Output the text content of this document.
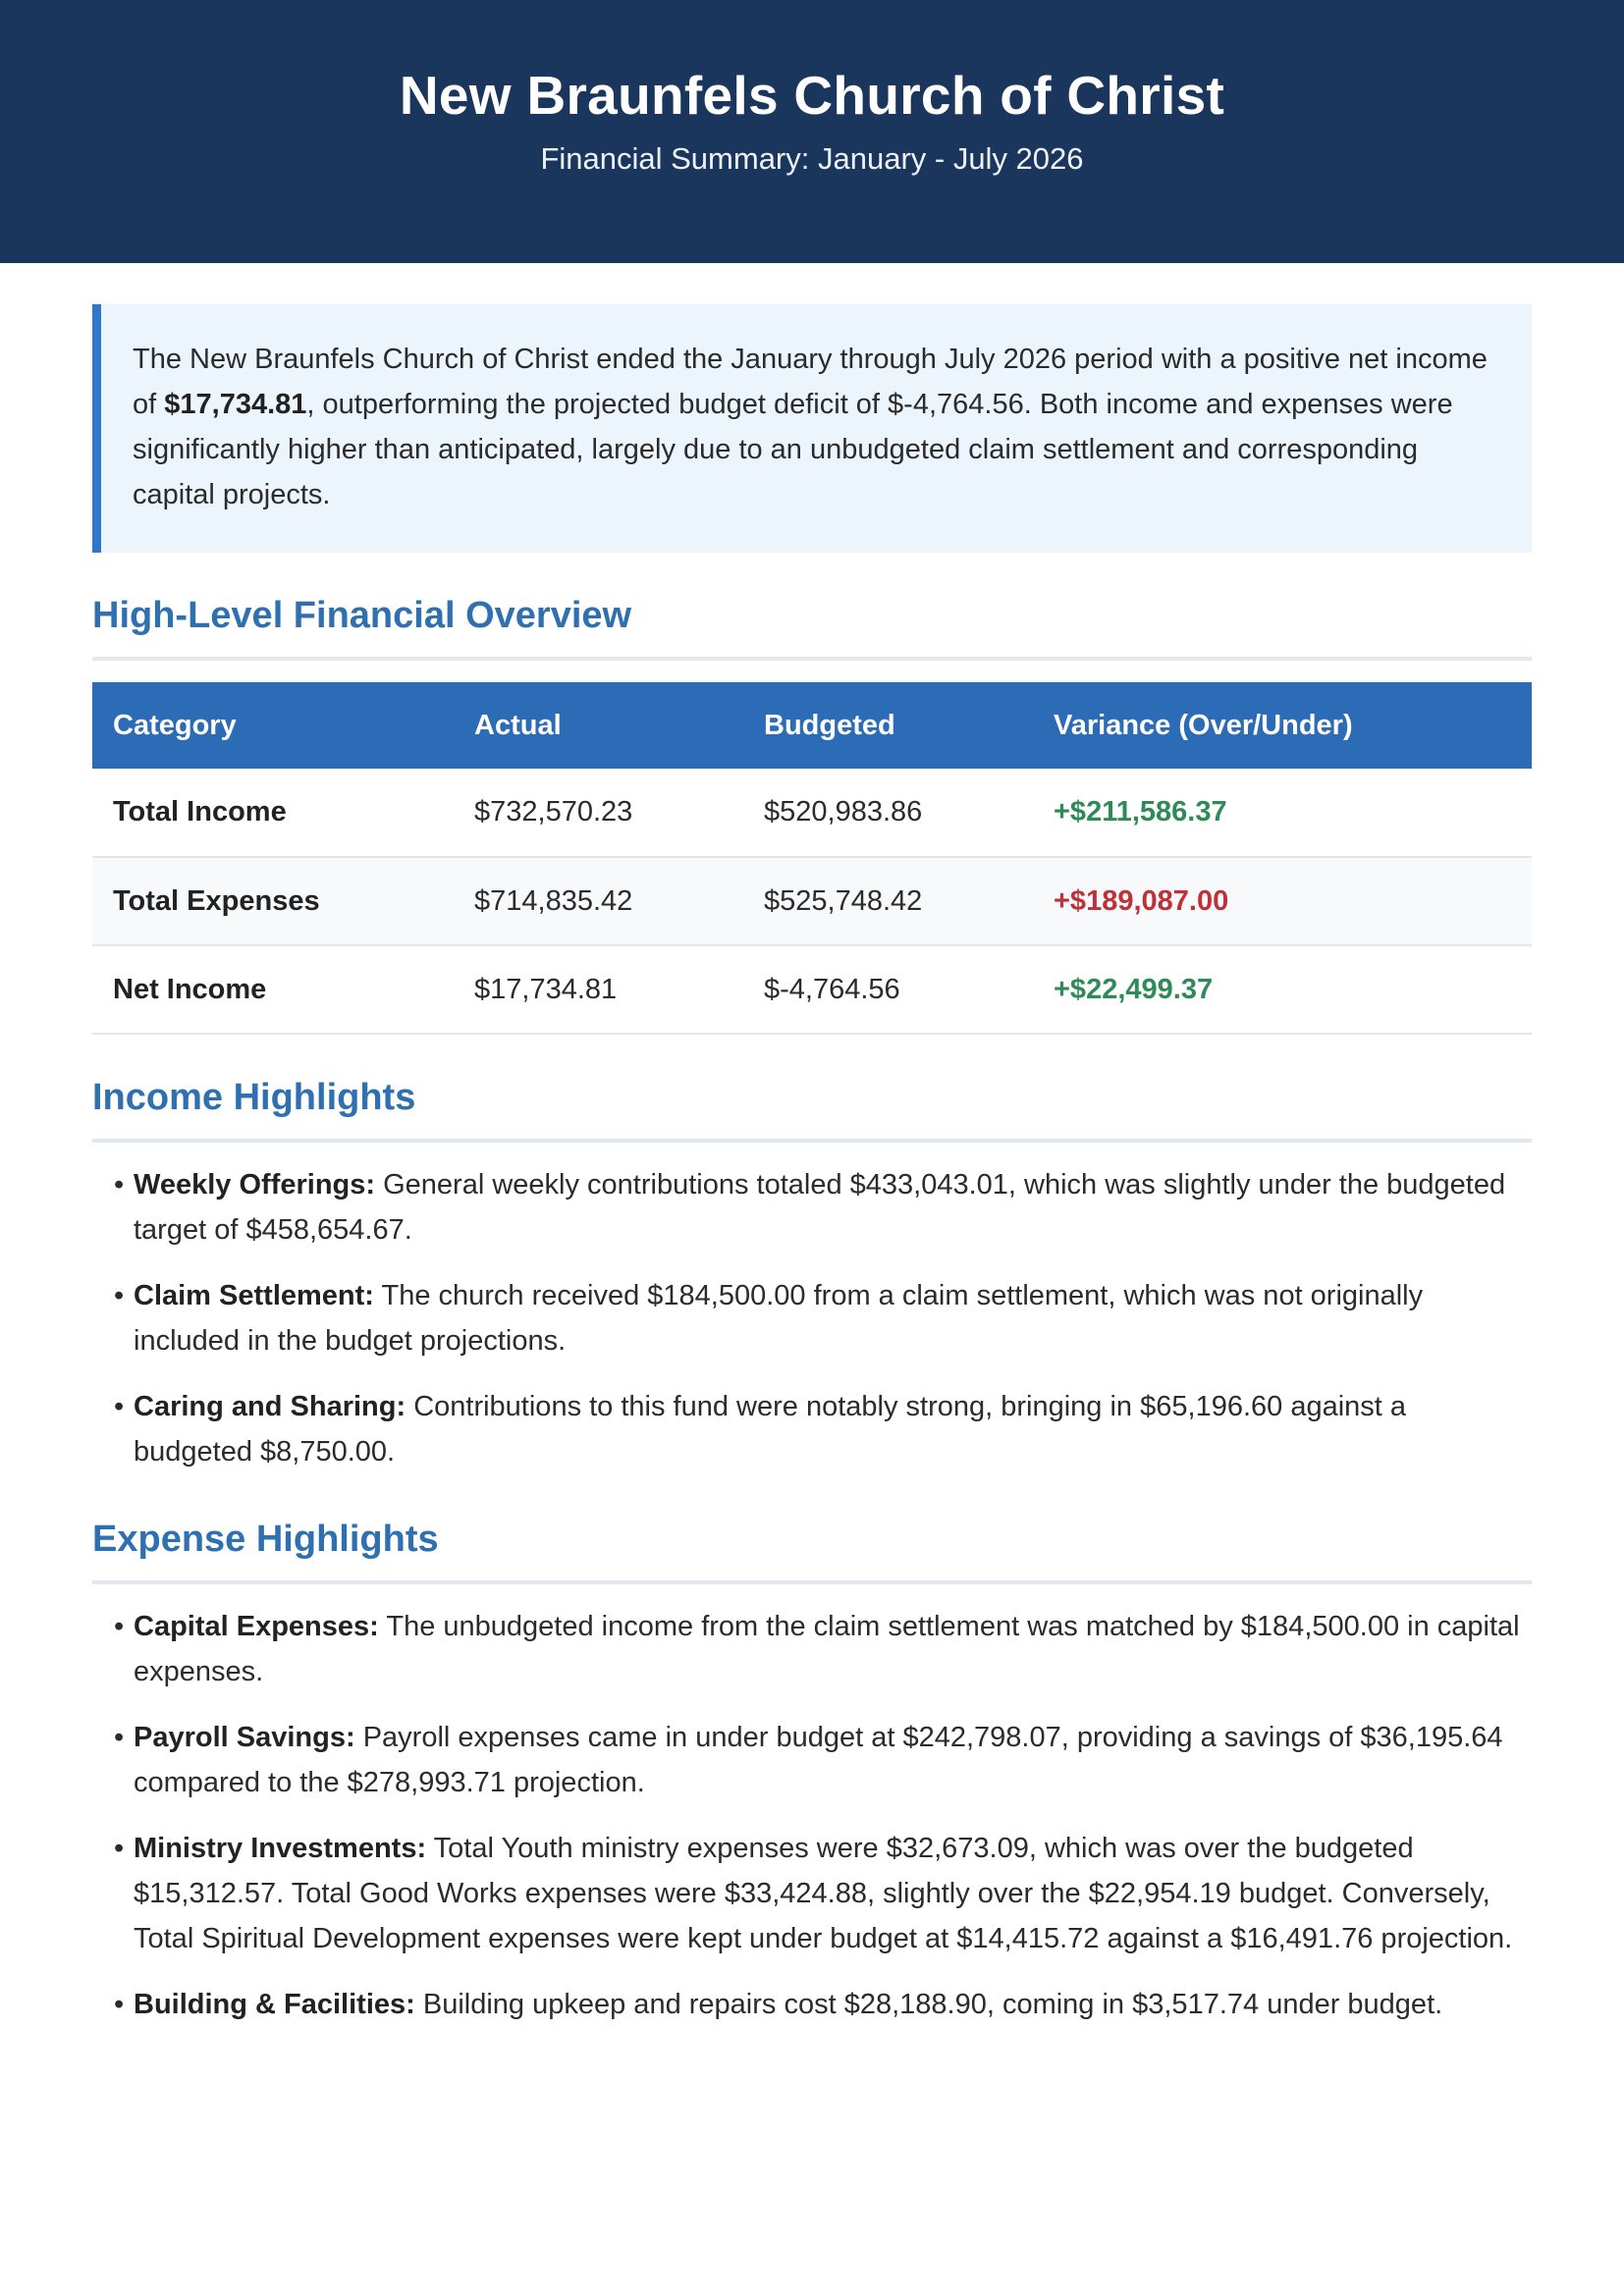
New Braunfels Church of Christ
Financial Summary: January - July 2026
The New Braunfels Church of Christ ended the January through July 2026 period with a positive net income of $17,734.81, outperforming the projected budget deficit of $-4,764.56. Both income and expenses were significantly higher than anticipated, largely due to an unbudgeted claim settlement and corresponding capital projects.
High-Level Financial Overview
Category	Actual	Budgeted	Variance (Over/Under)
Total Income	$732,570.23	$520,983.86	+$211,586.37
Total Expenses	$714,835.42	$525,748.42	+$189,087.00
Net Income	$17,734.81	$-4,764.56	+$22,499.37
Income Highlights
• Weekly Offerings: General weekly contributions totaled $433,043.01, which was slightly under the budgeted target of $458,654.67.
• Claim Settlement: The church received $184,500.00 from a claim settlement, which was not originally included in the budget projections.
• Caring and Sharing: Contributions to this fund were notably strong, bringing in $65,196.60 against a budgeted $8,750.00.
Expense Highlights
• Capital Expenses: The unbudgeted income from the claim settlement was matched by $184,500.00 in capital expenses.
• Payroll Savings: Payroll expenses came in under budget at $242,798.07, providing a savings of $36,195.64 compared to the $278,993.71 projection.
• Ministry Investments: Total Youth ministry expenses were $32,673.09, which was over the budgeted $15,312.57. Total Good Works expenses were $33,424.88, slightly over the $22,954.19 budget. Conversely, Total Spiritual Development expenses were kept under budget at $14,415.72 against a $16,491.76 projection.
• Building & Facilities: Building upkeep and repairs cost $28,188.90, coming in $3,517.74 under budget.
